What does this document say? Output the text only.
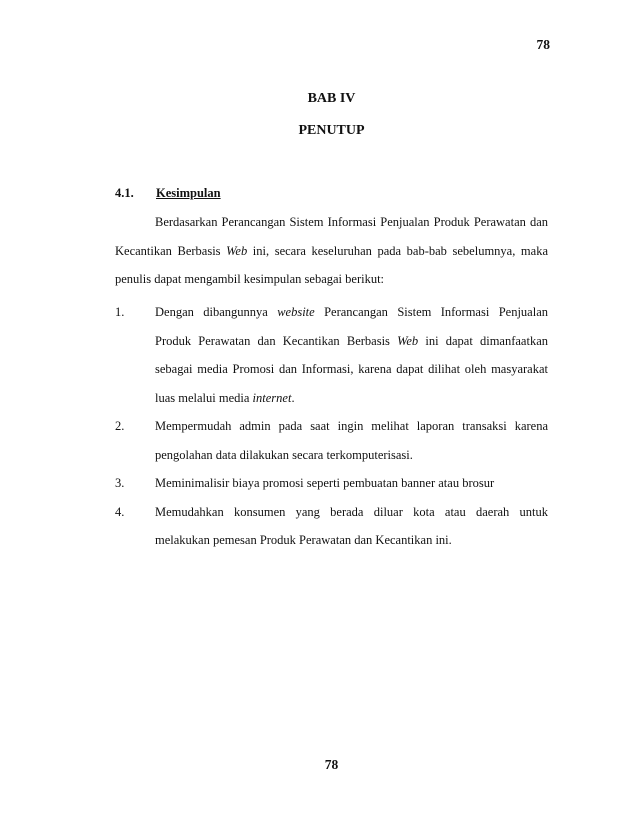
78
BAB IV
PENUTUP
4.1. Kesimpulan

Berdasarkan Perancangan Sistem Informasi Penjualan Produk Perawatan dan Kecantikan Berbasis Web ini, secara keseluruhan pada bab-bab sebelumnya, maka penulis dapat mengambil kesimpulan sebagai berikut:

1. Dengan dibangunnya website Perancangan Sistem Informasi Penjualan Produk Perawatan dan Kecantikan Berbasis Web ini dapat dimanfaatkan sebagai media Promosi dan Informasi, karena dapat dilihat oleh masyarakat luas melalui media internet.
2. Mempermudah admin pada saat ingin melihat laporan transaksi karena pengolahan data dilakukan secara terkomputerisasi.
3. Meminimalisir biaya promosi seperti pembuatan banner atau brosur
4. Memudahkan konsumen yang berada diluar kota atau daerah untuk melakukan pemesan Produk Perawatan dan Kecantikan ini.
78
